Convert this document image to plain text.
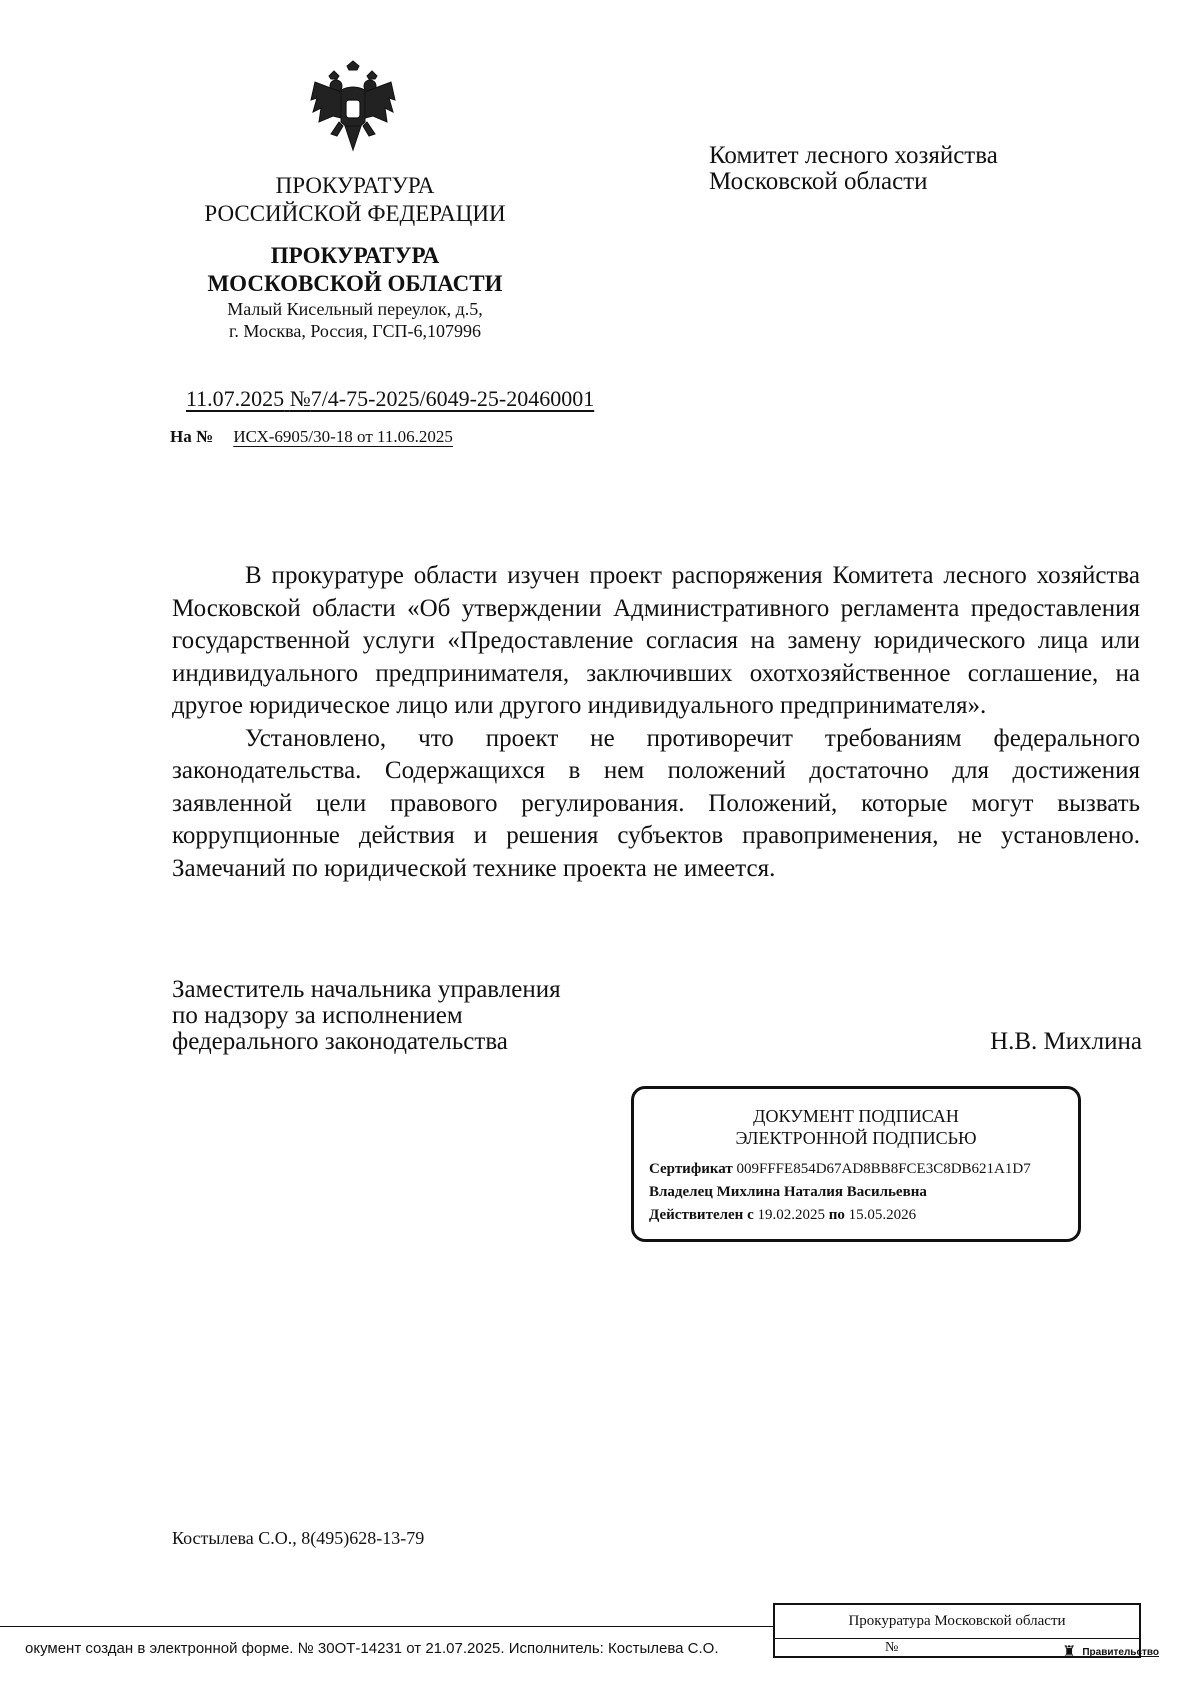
ПРОКУРАТУРА
РОССИЙСКОЙ ФЕДЕРАЦИИ
ПРОКУРАТУРА
МОСКОВСКОЙ ОБЛАСТИ
Малый Кисельный переулок, д.5,
г. Москва, Россия, ГСП-6,107996
Комитет лесного хозяйства
Московской области
11.07.2025 №7/4-75-2025/6049-25-20460001
На № ИСХ-6905/30-18 от 11.06.2025

В прокуратуре области изучен проект распоряжения Комитета лесного хозяйства Московской области «Об утверждении Административного регламента предоставления государственной услуги «Предоставление согласия на замену юридического лица или индивидуального предпринимателя, заключивших охотхозяйственное соглашение, на другое юридическое лицо или другого индивидуального предпринимателя».

Установлено, что проект не противоречит требованиям федерального законодательства. Содержащихся в нем положений достаточно для достижения заявленной цели правового регулирования. Положений, которые могут вызвать коррупционные действия и решения субъектов правоприменения, не установлено. Замечаний по юридической технике проекта не имеется.

Заместитель начальника управления
по надзору за исполнением
федерального законодательства	Н.В. Михлина
ДОКУМЕНТ ПОДПИСАН
ЭЛЕКТРОННОЙ ПОДПИСЬЮ
Сертификат 009FFFE854D67AD8BB8FCE3C8DB621A1D7
Владелец Михлина Наталия Васильевна
Действителен с 19.02.2025 по 15.05.2026
Костылева С.О., 8(495)628-13-79
окумент создан в электронной форме. № 30ОТ-14231 от 21.07.2025. Исполнитель: Костылева С.О.
Прокуратура Московской области
№	♜ Правительство
